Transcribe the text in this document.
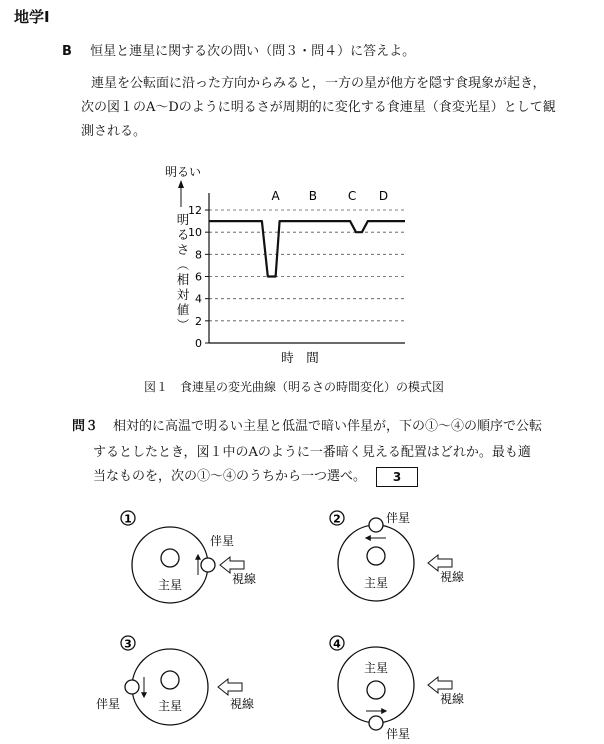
地学Ⅰ
B 恒星と連星に関する次の問い（問３・問４）に答えよ。
連星を公転面に沿った方向からみると，一方の星が他方を隠す食現象が起き，
次の図１のA～Dのように明るさが周期的に変化する食連星（食変光星）として観
測される。
0
2
4
6
8
10
12
明るい
明るさ︵相対値︶
時　間
A B	C D
図１　食連星の変光曲線（明るさの時間変化）の模式図
問３ 相対的に高温で明るい主星と低温で暗い伴星が，下の①～④の順序で公転
するとしたとき，図１中のAのように一番暗く見える配置はどれか。最も適
当なものを，次の①～④のうちから一つ選べ。 3
1
主星
伴星
視線
2
主星
伴星
視線
3
主星
伴星	視線
4
主星
伴星
視線
